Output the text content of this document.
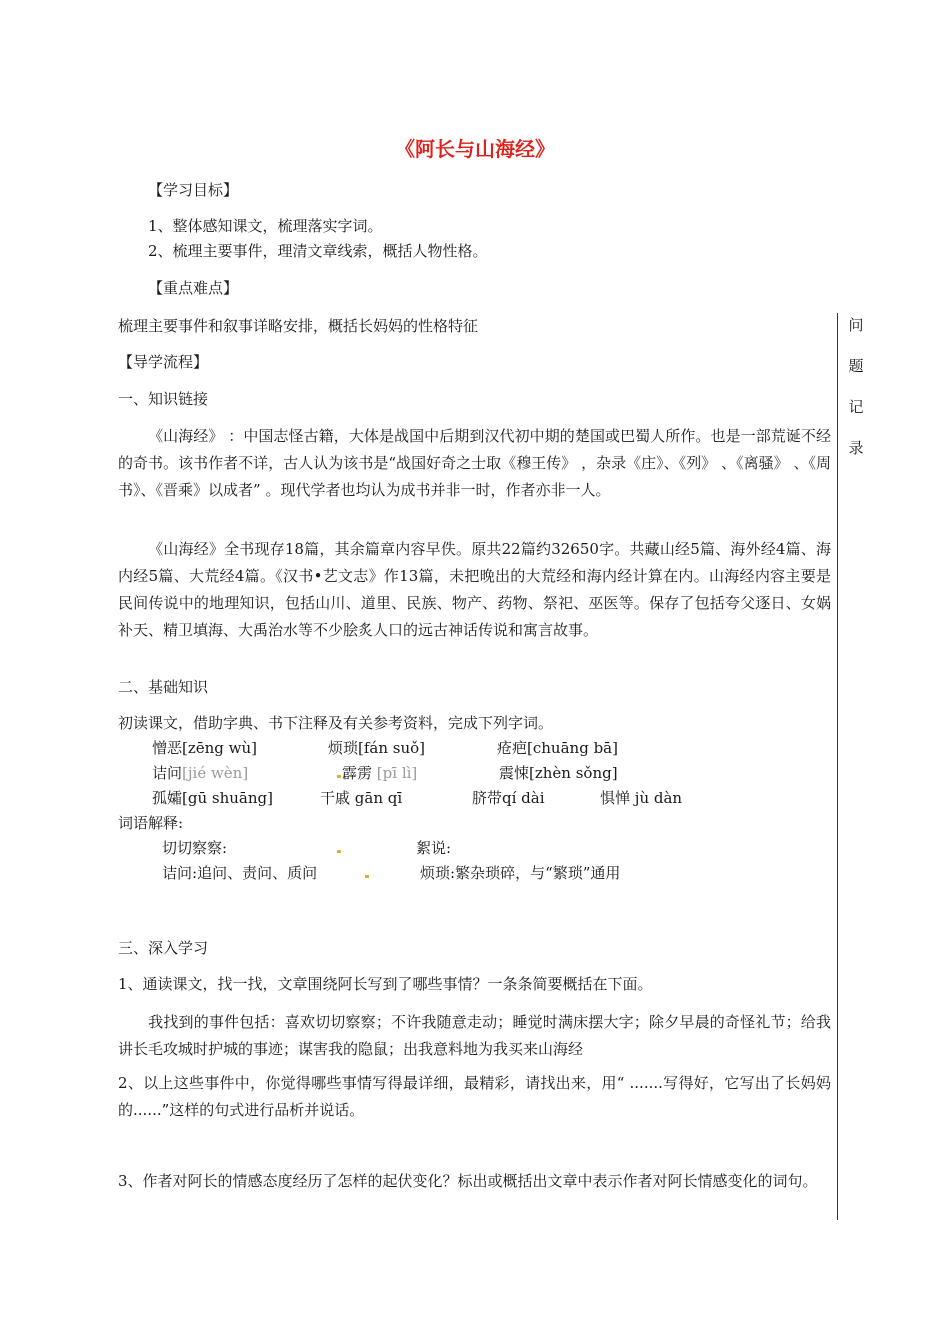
《阿长与山海经》
【学习目标】
1、整体感知课文，梳理落实字词。
2、梳理主要事件，理清文章线索，概括人物性格。
【重点难点】
梳理主要事件和叙事详略安排，概括长妈妈的性格特征
【导学流程】
问
题
记
录
一、知识链接
《山海经》 ：中国志怪古籍，大体是战国中后期到汉代初中期的楚国或巴蜀人所作。也是一部荒诞不经的奇书。该书作者不详，古人认为该书是“战国好奇之士取《穆王传》 ，杂录《庄》、《列》 、《离骚》 、《周书》、《晋乘》以成者” 。现代学者也均认为成书并非一时，作者亦非一人。
《山海经》全书现存18篇，其余篇章内容早佚。原共22篇约32650字。共藏山经5篇、海外经4篇、海内经5篇、大荒经4篇。《汉书•艺文志》作13篇，未把晚出的大荒经和海内经计算在内。山海经内容主要是民间传说中的地理知识，包括山川、道里、民族、物产、药物、祭祀、巫医等。保存了包括夸父逐日、女娲补天、精卫填海、大禹治水等不少脍炙人口的远古神话传说和寓言故事。
二、基础知识
初读课文，借助字典、书下注释及有关参考资料，完成下列字词。
憎恶[zēng wù]	烦琐[fán suǒ]	疮疤[chuāng bā]
诘问[jié wèn]	霹雳 [pī lì]	震悚[zhèn sǒng]
孤孀[gū shuāng]	干戚 gān qī	脐带qí dài	惧惮 jù dàn
词语解释:
切切察察:	絮说:
诘问:追问、责问、质问	烦琐:繁杂琐碎，与“繁琐”通用
三、深入学习
1、通读课文，找一找，文章围绕阿长写到了哪些事情？一条条简要概括在下面。
我找到的事件包括：喜欢切切察察；不许我随意走动；睡觉时满床摆大字；除夕早晨的奇怪礼节；给我讲长毛攻城时护城的事迹；谋害我的隐鼠；出我意料地为我买来山海经
2、以上这些事件中，你觉得哪些事情写得最详细，最精彩，请找出来，用“ .......写得好，它写出了长妈妈的......”这样的句式进行品析并说话。
3、作者对阿长的情感态度经历了怎样的起伏变化？标出或概括出文章中表示作者对阿长情感变化的词句。
